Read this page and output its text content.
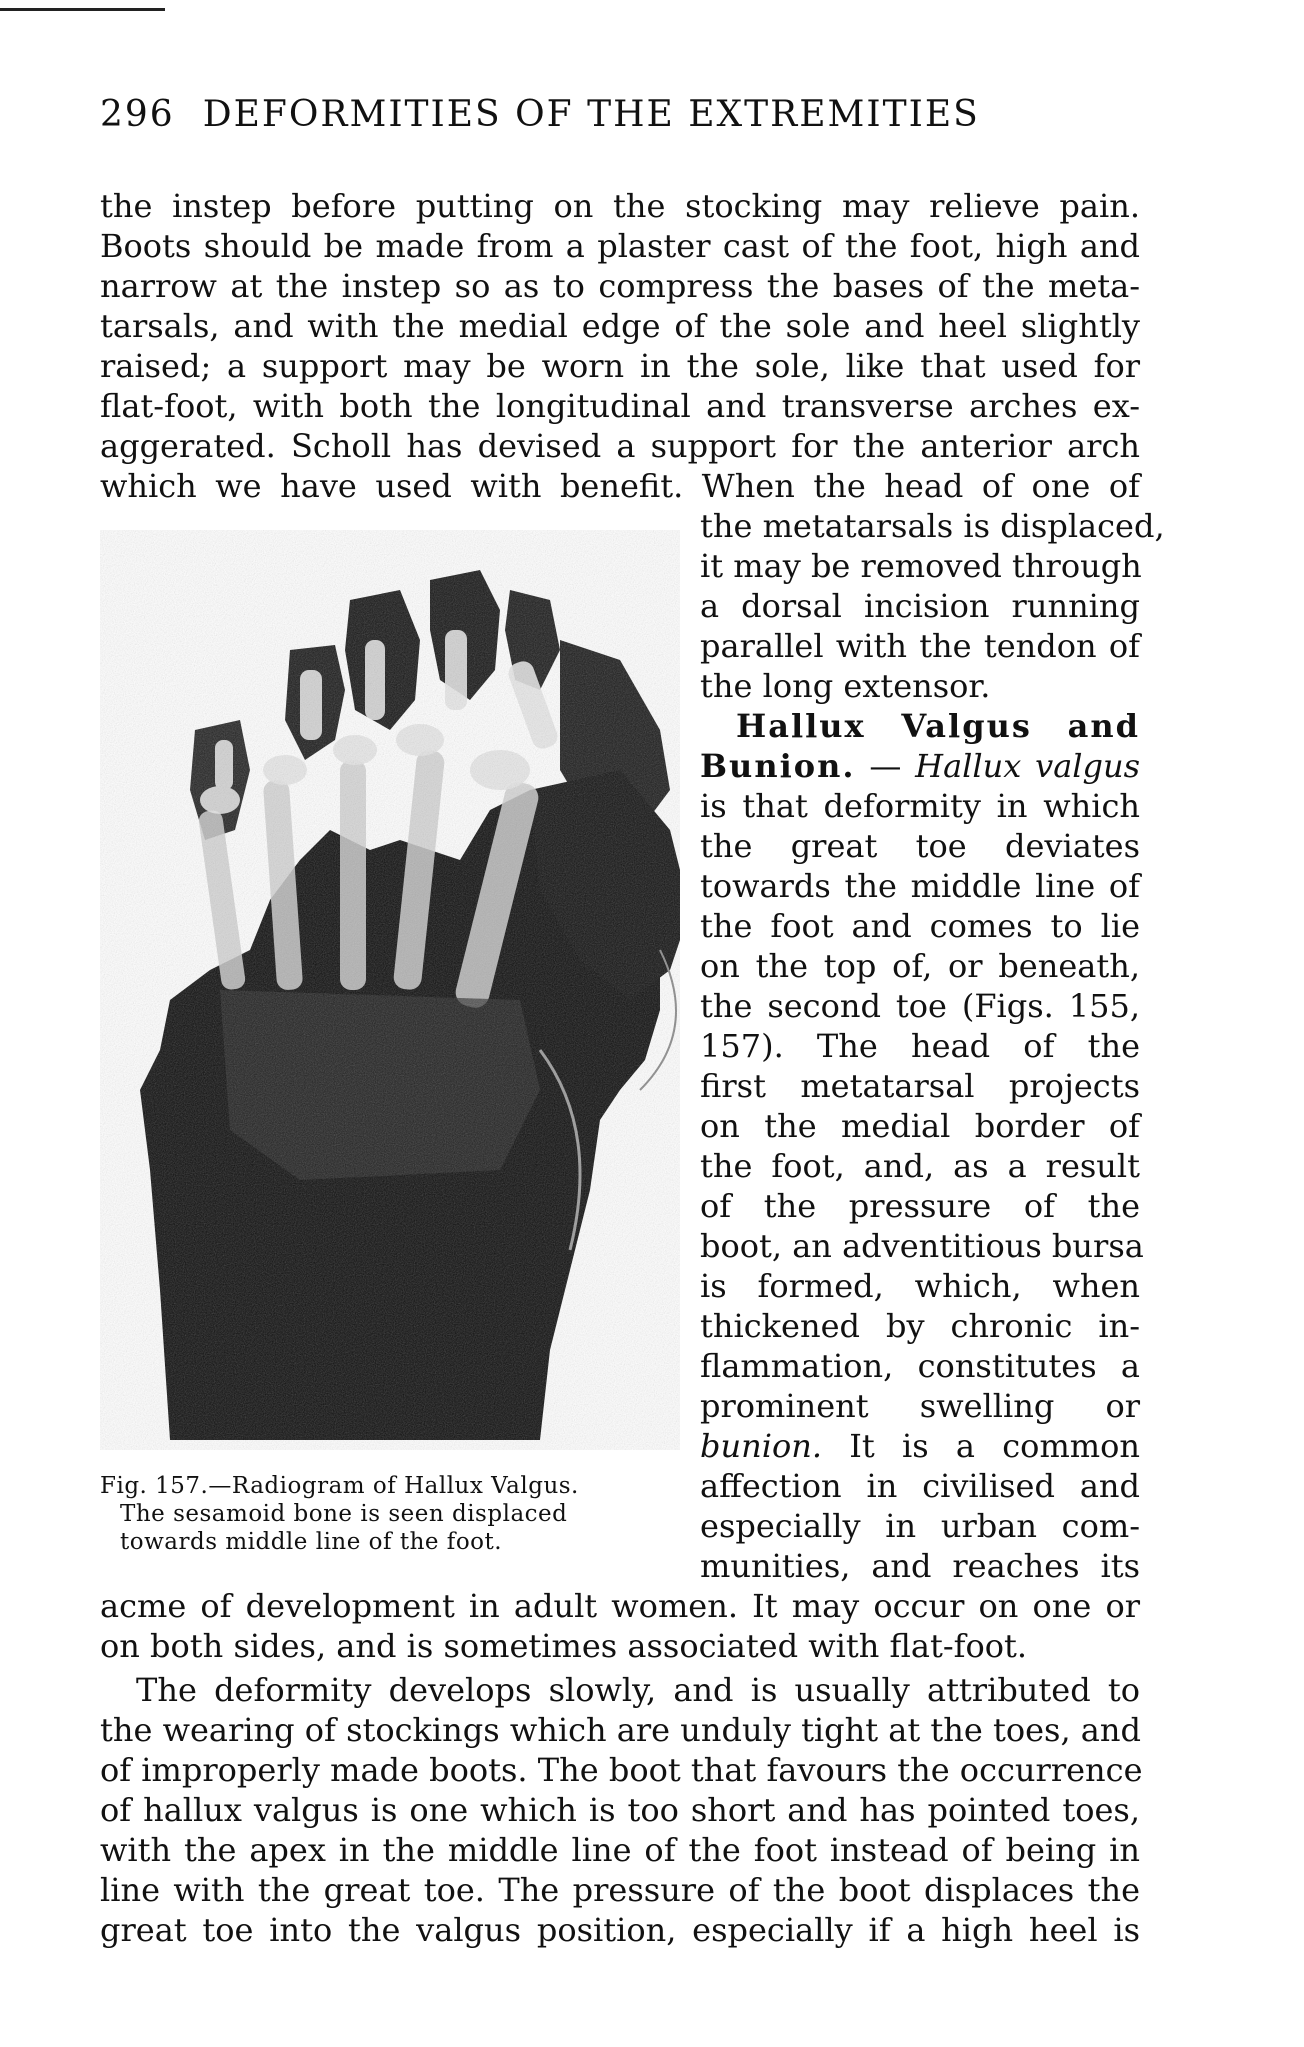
296 DEFORMITIES OF THE EXTREMITIES
the instep before putting on the stocking may relieve pain.
Boots should be made from a plaster cast of the foot, high and
narrow at the instep so as to compress the bases of the meta-
tarsals, and with the medial edge of the sole and heel slightly
raised; a support may be worn in the sole, like that used for
flat-foot, with both the longitudinal and transverse arches ex-
aggerated. Scholl has devised a support for the anterior arch
which we have used with benefit. When the head of one of
the metatarsals is displaced,
it may be removed through
a dorsal incision running
parallel with the tendon of
the long extensor.
Hallux Valgus and
Bunion. — Hallux valgus
is that deformity in which
the great toe deviates
towards the middle line of
the foot and comes to lie
on the top of, or beneath,
the second toe (Figs. 155,
157). The head of the
first metatarsal projects
on the medial border of
the foot, and, as a result
of the pressure of the
boot, an adventitious bursa
is formed, which, when
thickened by chronic in-
flammation, constitutes a
prominent swelling or
bunion. It is a common
affection in civilised and
especially in urban com-
munities, and reaches its
acme of development in adult women. It may occur on one or
on both sides, and is sometimes associated with flat-foot.
The deformity develops slowly, and is usually attributed to
the wearing of stockings which are unduly tight at the toes, and
of improperly made boots. The boot that favours the occurrence
of hallux valgus is one which is too short and has pointed toes,
with the apex in the middle line of the foot instead of being in
line with the great toe. The pressure of the boot displaces the
great toe into the valgus position, especially if a high heel is
Fig. 157.—Radiogram of Hallux Valgus.
The sesamoid bone is seen displaced
towards middle line of the foot.
